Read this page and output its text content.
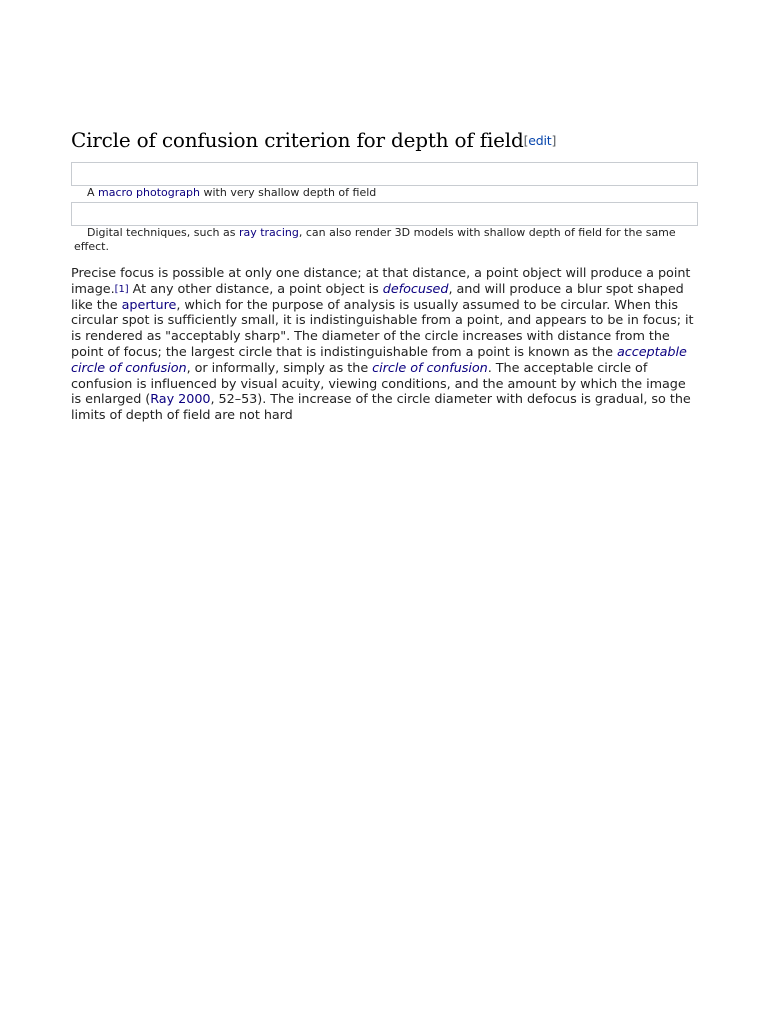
Circle of confusion criterion for depth of field[edit]

A macro photograph with very shallow depth of field

Digital techniques, such as ray tracing, can also render 3D models with shallow depth of field for the same effect.

Precise focus is possible at only one distance; at that distance, a point object will produce a point image.[1] At any other distance, a point object is defocused, and will produce a blur spot shaped like the aperture, which for the purpose of analysis is usually assumed to be circular. When this circular spot is sufficiently small, it is indistinguishable from a point, and appears to be in focus; it is rendered as "acceptably sharp". The diameter of the circle increases with distance from the point of focus; the largest circle that is indistinguishable from a point is known as the acceptable circle of confusion, or informally, simply as the circle of confusion. The acceptable circle of confusion is influenced by visual acuity, viewing conditions, and the amount by which the image is enlarged (Ray 2000, 52–53). The increase of the circle diameter with defocus is gradual, so the limits of depth of field are not hard
